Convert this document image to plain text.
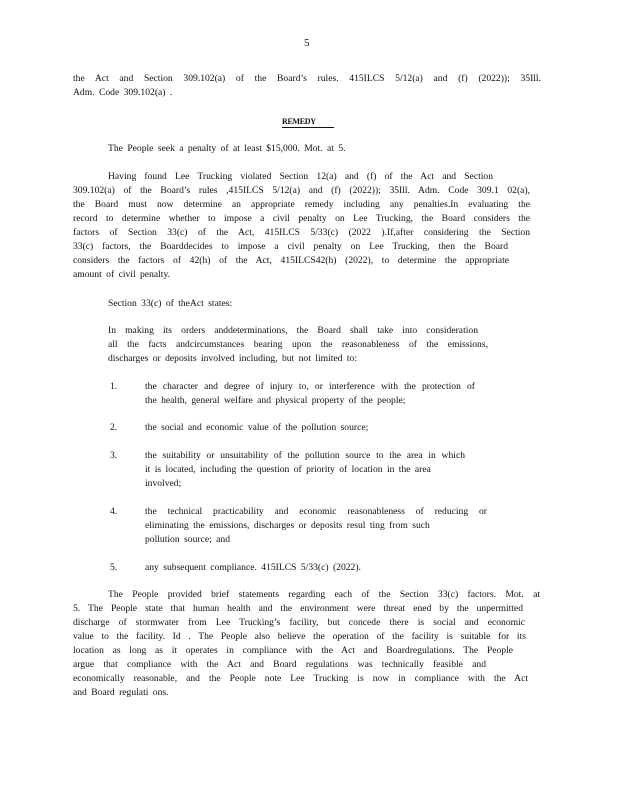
5
the Act and Section 309.102(a) of the Board’s rules. 415ILCS 5/12(a) and (f) (2022)); 35Ill.
Adm. Code 309.102(a) .
REMEDY
The People seek a penalty of at least $15,000. Mot. at 5.
Having found Lee Trucking violated Section 12(a) and (f) of the Act and Section
309.102(a) of the Board’s rules ,415ILCS 5/12(a) and (f) (2022)); 35Ill. Adm. Code 309.1 02(a),
the Board must now determine an appropriate remedy including any penalties.In evaluating the
record to determine whether to impose a civil penalty on Lee Trucking, the Board considers the
factors of Section 33(c) of the Act, 415ILCS 5/33(c) (2022 ).If,after considering the Section
33(c) factors, the Boarddecides to impose a civil penalty on Lee Trucking, then the Board
considers the factors of 42(h) of the Act, 415ILCS42(h) (2022), to determine the appropriate
amount of civil penalty.
Section 33(c) of theAct states:
In making its orders anddeterminations, the Board shall take into consideration
all the facts andcircumstances bearing upon the reasonableness of the emissions,
discharges or deposits involved including, but not limited to:
1.	the character and degree of injury to, or interference with the protection of
the health, general welfare and physical property of the people;
2.	the social and economic value of the pollution source;
3.	the suitability or unsuitability of the pollution source to the area in which
it is located, including the question of priority of location in the area
involved;
4.	the technical practicability and economic reasonableness of reducing or
eliminating the emissions, discharges or deposits resul ting from such
pollution source; and
5.	any subsequent compliance. 415ILCS 5/33(c) (2022).
The People provided brief statements regarding each of the Section 33(c) factors. Mot. at
5. The People state that human health and the environment were threat ened by the unpermitted
discharge of stormwater from Lee Trucking’s facility, but concede there is social and economic
value to the facility. Id . The People also believe the operation of the facility is suitable for its
location as long as it operates in compliance with the Act and Boardregulations. The People
argue that compliance with the Act and Board regulations was technically feasible and
economically reasonable, and the People note Lee Trucking is now in compliance with the Act
and Board regulati ons.
